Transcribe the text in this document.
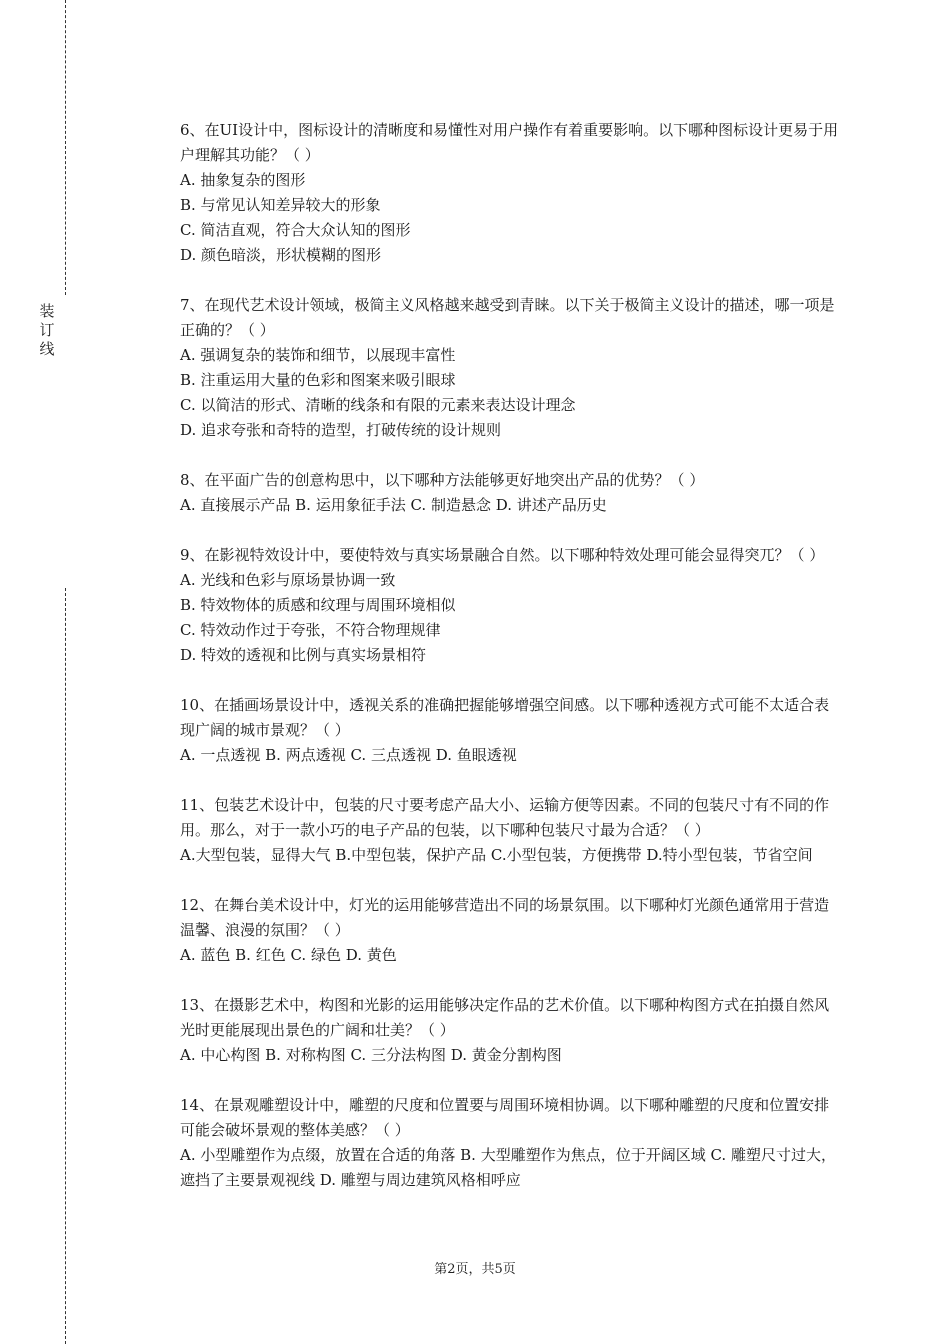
装
订
线

6、在UI设计中，图标设计的清晰度和易懂性对用户操作有着重要影响。以下哪种图标设计更易于用户理解其功能？（ ）

A. 抽象复杂的图形

B. 与常见认知差异较大的形象

C. 简洁直观，符合大众认知的图形

D. 颜色暗淡，形状模糊的图形

7、在现代艺术设计领域，极简主义风格越来越受到青睐。以下关于极简主义设计的描述，哪一项是正确的？（ ）

A. 强调复杂的装饰和细节，以展现丰富性

B. 注重运用大量的色彩和图案来吸引眼球

C. 以简洁的形式、清晰的线条和有限的元素来表达设计理念

D. 追求夸张和奇特的造型，打破传统的设计规则

8、在平面广告的创意构思中，以下哪种方法能够更好地突出产品的优势？（ ）

A. 直接展示产品 B. 运用象征手法 C. 制造悬念 D. 讲述产品历史

9、在影视特效设计中，要使特效与真实场景融合自然。以下哪种特效处理可能会显得突兀？（ ）

A. 光线和色彩与原场景协调一致

B. 特效物体的质感和纹理与周围环境相似

C. 特效动作过于夸张，不符合物理规律

D. 特效的透视和比例与真实场景相符

10、在插画场景设计中，透视关系的准确把握能够增强空间感。以下哪种透视方式可能不太适合表现广阔的城市景观？（ ）

A. 一点透视 B. 两点透视 C. 三点透视 D. 鱼眼透视

11、包装艺术设计中，包装的尺寸要考虑产品大小、运输方便等因素。不同的包装尺寸有不同的作用。那么，对于一款小巧的电子产品的包装，以下哪种包装尺寸最为合适？（ ）

A.大型包装，显得大气 B.中型包装，保护产品 C.小型包装，方便携带 D.特小型包装，节省空间

12、在舞台美术设计中，灯光的运用能够营造出不同的场景氛围。以下哪种灯光颜色通常用于营造温馨、浪漫的氛围？（ ）

A. 蓝色 B. 红色 C. 绿色 D. 黄色

13、在摄影艺术中，构图和光影的运用能够决定作品的艺术价值。以下哪种构图方式在拍摄自然风光时更能展现出景色的广阔和壮美？（ ）

A. 中心构图 B. 对称构图 C. 三分法构图 D. 黄金分割构图

14、在景观雕塑设计中，雕塑的尺度和位置要与周围环境相协调。以下哪种雕塑的尺度和位置安排可能会破坏景观的整体美感？（ ）

A. 小型雕塑作为点缀，放置在合适的角落 B. 大型雕塑作为焦点，位于开阔区域 C. 雕塑尺寸过大，遮挡了主要景观视线 D. 雕塑与周边建筑风格相呼应

第2页，共5页
